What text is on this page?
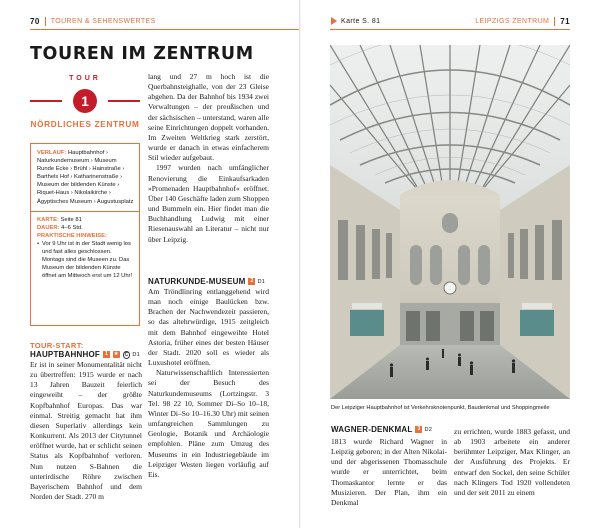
70 TOUREN & SEHENSWERTES
TOUREN IM ZENTRUM
TOUR
1
NÖRDLICHES ZENTRUM
VERLAUF: Hauptbahnhof › Naturkundemuseum › Museum Runde Ecke › Brühl › Hainstraße › Barthels Hof › Katharinenstraße › Museum der bildenden Künste › Riquet-Haus › Nikolaikirche › Ägyptisches Museum › Augustusplatz
KARTE: Seite 81
DAUER: 4–6 Std.
PRAKTISCHE HINWEISE:
• Vor 9 Uhr ist in der Stadt wenig los und fast alles geschlossen. Montags sind die Museen zu. Das Museum der bildenden Künste öffnet am Mittwoch erst um 12 Uhr!
TOUR-START:
HAUPTBAHNHOF 1	★	C D1

Er ist in seiner Monumentalität nicht zu übertreffen: 1915 wurde er nach 13 Jahren Bauzeit feierlich eingeweiht – der größte Kopfbahnhof Europas. Das war einmal. Streitig gemacht hat ihm diesen Superlativ allerdings kein Konkurrent. Als 2013 der Citytunnel eröffnet wurde, hat er schlicht seinen Status als Kopfbahnhof verloren. Nun nutzen S-Bahnen die unterirdische Röhre zwischen Bayerischem Bahnhof und dem Norden der Stadt. 270 m

lang und 27 m hoch ist die Querbahnsteighalle, von der 23 Gleise abgehen. Da der Bahnhof bis 1934 zwei Verwaltungen – der preußischen und der sächsischen – unterstand, waren alle seine Einrichtungen doppelt vorhanden. Im Zweiten Weltkrieg stark zerstört, wurde er danach in etwas einfacherem Stil wieder aufgebaut.

1997 wurden nach umfänglicher Renovierung die Einkaufsarkaden »Promenaden Hauptbahnhof« eröffnet. Über 140 Geschäfte laden zum Shoppen und Bummeln ein. Hier findet man die Buchhandlung Ludwig mit einer Riesenauswahl an Literatur – nicht nur über Leipzig.

NATURKUNDE-MUSEUM	2 D1

Am Tröndlinring entlanggehend wird man noch einige Baulücken bzw. Brachen der Nachwendezeit passieren, so das altehrwürdige, 1915 zeitgleich mit dem Bahnhof eingeweihte Hotel Astoria, früher eines der besten Häuser der Stadt. 2020 soll es wieder als Luxushotel eröffnen.

Naturwissenschaftlich Interessierten sei der Besuch des Naturkundemuseums (Lortzingstr. 3 Tel. 98 22 10, Sommer Di–So 10–18, Winter Di–So 10–16.30 Uhr) mit seinen umfangreichen Sammlungen zu Geologie, Botanik und Archäologie empfohlen. Pläne zum Umzug des Museums in ein Industriegebäude im Leipziger Westen liegen vorläufig auf Eis.

Karte S. 81	LEIPZIGS ZENTRUM 71
Der Leipziger Hauptbahnhof ist Verkehrsknotenpunkt, Baudenkmal und Shoppingmeile
WAGNER-DENKMAL	3 D2

1813 wurde Richard Wagner in Leipzig geboren; in der Alten Nikolai- und der abgerissenen Thomasschule wurde er unterrichtet, beim Thomaskantor lernte er das Musizieren. Der Plan, ihm ein Denkmal

zu errichten, wurde 1883 gefasst, und ab 1903 arbeitete ein anderer berühmter Leipziger, Max Klinger, an der Ausführung des Projekts. Er entwarf den Sockel, den seine Schüler nach Klingers Tod 1920 vollendeten und der seit 2011 zu einem
